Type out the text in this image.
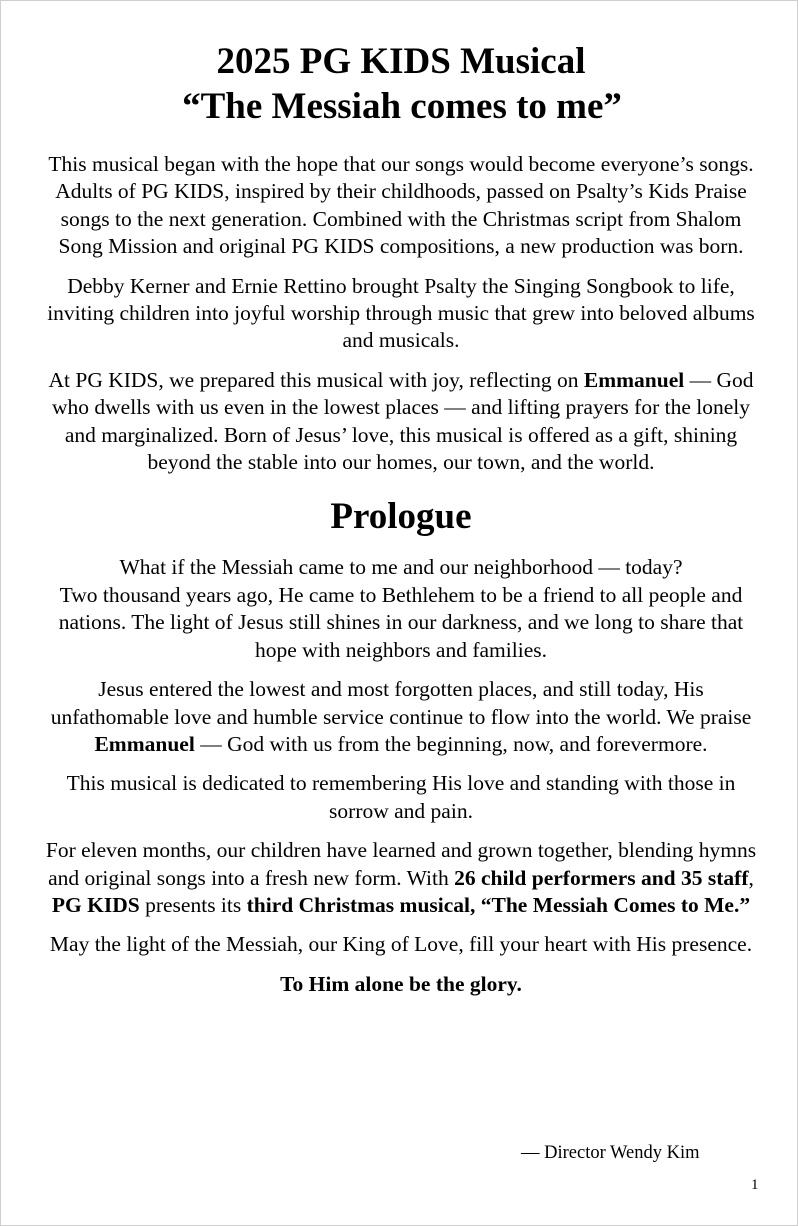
2025 PG KIDS Musical
“The Messiah comes to me”

This musical began with the hope that our songs would become everyone’s songs. Adults of PG KIDS, inspired by their childhoods, passed on Psalty’s Kids Praise songs to the next generation. Combined with the Christmas script from Shalom Song Mission and original PG KIDS compositions, a new production was born.

Debby Kerner and Ernie Rettino brought Psalty the Singing Songbook to life, inviting children into joyful worship through music that grew into beloved albums and musicals.

At PG KIDS, we prepared this musical with joy, reflecting on Emmanuel — God who dwells with us even in the lowest places — and lifting prayers for the lonely and marginalized. Born of Jesus’ love, this musical is offered as a gift, shining beyond the stable into our homes, our town, and the world.

Prologue

What if the Messiah came to me and our neighborhood — today?
Two thousand years ago, He came to Bethlehem to be a friend to all people and nations. The light of Jesus still shines in our darkness, and we long to share that hope with neighbors and families.

Jesus entered the lowest and most forgotten places, and still today, His unfathomable love and humble service continue to flow into the world. We praise Emmanuel — God with us from the beginning, now, and forevermore.

This musical is dedicated to remembering His love and standing with those in sorrow and pain.

For eleven months, our children have learned and grown together, blending hymns and original songs into a fresh new form. With 26 child performers and 35 staff, PG KIDS presents its third Christmas musical, “The Messiah Comes to Me.”

May the light of the Messiah, our King of Love, fill your heart with His presence.

To Him alone be the glory.

— Director Wendy Kim
1
